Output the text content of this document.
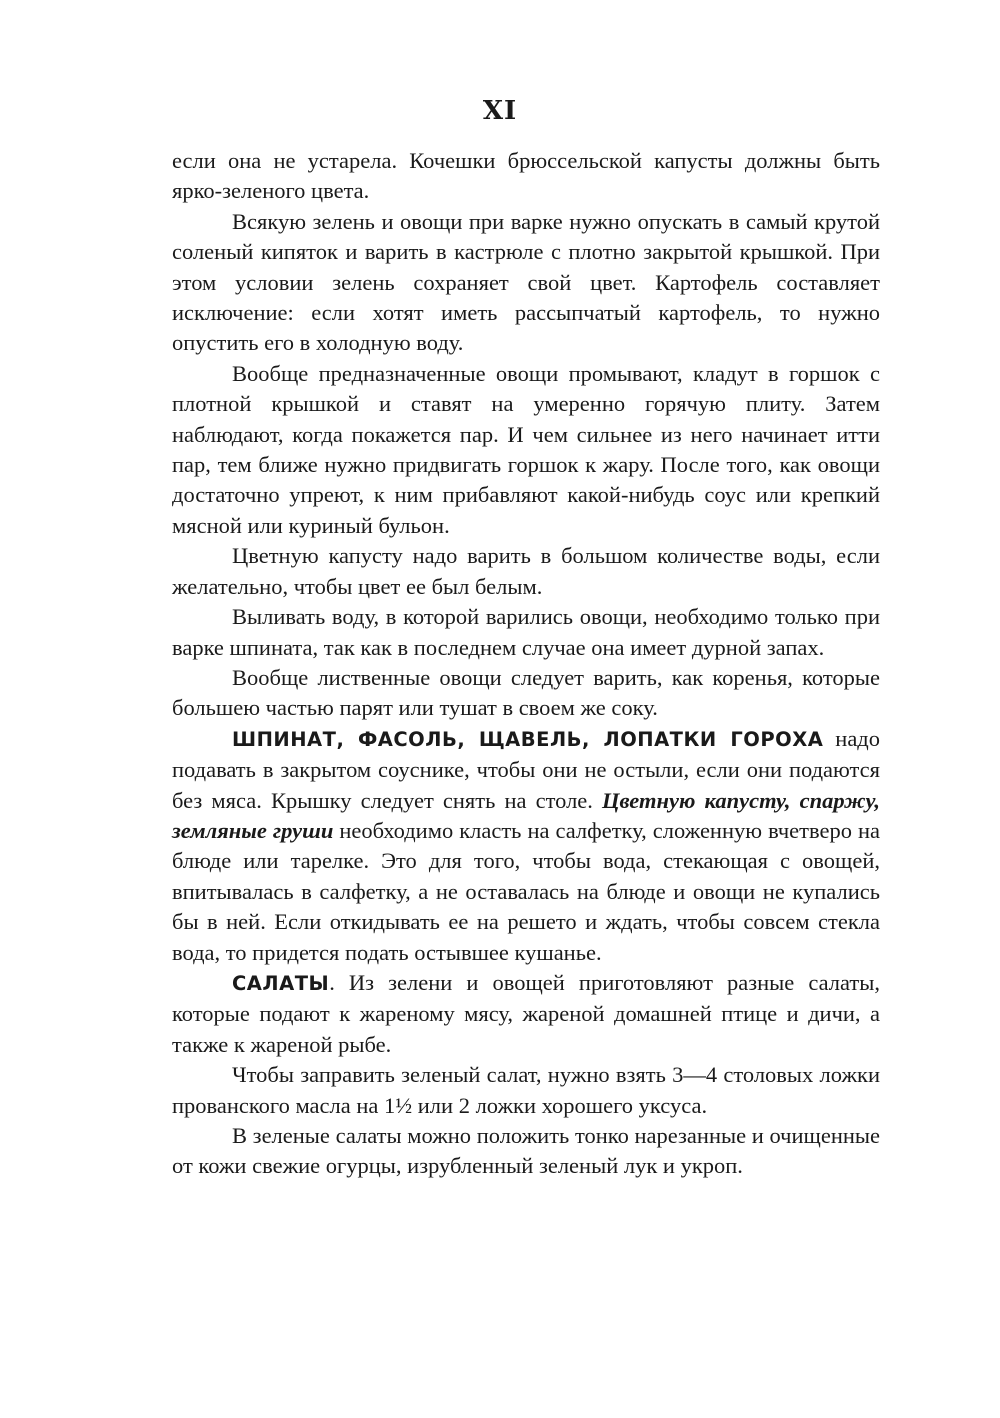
XI

если она не устарела. Кочешки брюссельской капусты должны быть ярко-зеленого цвета.

Всякую зелень и овощи при варке нужно опускать в самый крутой соленый кипяток и варить в кастрюле с плотно закрытой крышкой. При этом условии зелень сохраняет свой цвет. Картофель составляет исключение: если хотят иметь рассыпчатый картофель, то нужно опустить его в холодную воду.

Вообще предназначенные овощи промывают, кладут в горшок с плотной крышкой и ставят на умеренно горячую плиту. Затем наблюдают, когда покажется пар. И чем сильнее из него начинает итти пар, тем ближе нужно придвигать горшок к жару. После того, как овощи достаточно упреют, к ним прибавляют какой-нибудь соус или крепкий мясной или куриный бульон.

Цветную капусту надо варить в большом количестве воды, если желательно, чтобы цвет ее был белым.

Выливать воду, в которой варились овощи, необходимо только при варке шпината, так как в последнем случае она имеет дурной запах.

Вообще лиственные овощи следует варить, как коренья, которые большею частью парят или тушат в своем же соку.

ШПИНАТ, ФАСОЛЬ, ЩАВЕЛЬ, ЛОПАТКИ ГОРОХА надо подавать в закрытом соуснике, чтобы они не остыли, если они подаются без мяса. Крышку следует снять на столе. Цветную капусту, спаржу, земляные груши необходимо класть на салфетку, сложенную вчетверо на блюде или тарелке. Это для того, чтобы вода, стекающая с овощей, впитывалась в салфетку, а не оставалась на блюде и овощи не купались бы в ней. Если откидывать ее на решето и ждать, чтобы совсем стекла вода, то придется подать остывшее кушанье.

САЛАТЫ. Из зелени и овощей приготовляют разные салаты, которые подают к жареному мясу, жареной домашней птице и дичи, а также к жареной рыбе.

Чтобы заправить зеленый салат, нужно взять 3—4 столовых ложки прованского масла на 1½ или 2 ложки хорошего уксуса.

В зеленые салаты можно положить тонко нарезанные и очищенные от кожи свежие огурцы, изрубленный зеленый лук и укроп.
